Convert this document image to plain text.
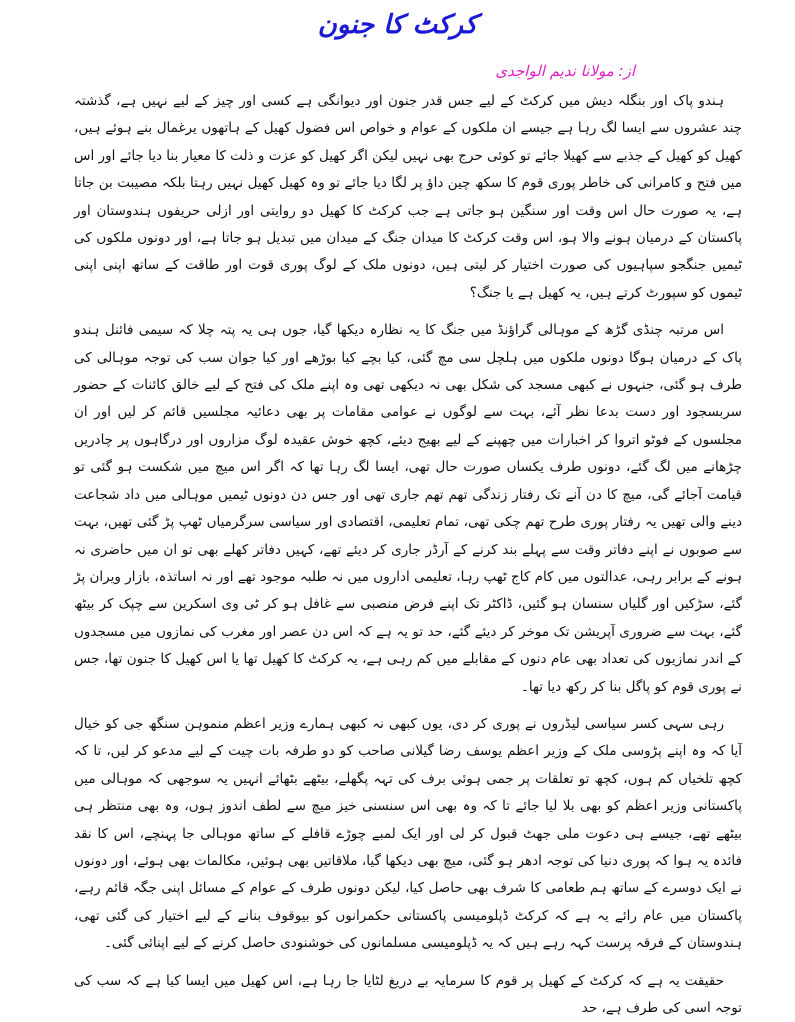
کرکٹ کا جنون
از: مولانا ندیم الواجدی

ہندو پاک اور بنگلہ دیش میں کرکٹ کے لیے جس قدر جنون اور دیوانگی ہے کسی اور چیز کے لیے نہیں ہے، گذشتہ چند عشروں سے ایسا لگ رہا ہے جیسے ان ملکوں کے عوام و خواص اس فضول کھیل کے ہاتھوں یرغمال بنے ہوئے ہیں، کھیل کو کھیل کے جذبے سے کھیلا جائے تو کوئی حرج بھی نہیں لیکن اگر کھیل کو عزت و ذلت کا معیار بنا دیا جائے اور اس میں فتح و کامرانی کی خاطر پوری قوم کا سکھ چین داؤ پر لگا دیا جائے تو وہ کھیل کھیل نہیں رہتا بلکہ مصیبت بن جاتا ہے، یہ صورت حال اس وقت اور سنگین ہو جاتی ہے جب کرکٹ کا کھیل دو روایتی اور ازلی حریفوں ہندوستان اور پاکستان کے درمیان ہونے والا ہو، اس وقت کرکٹ کا میدان جنگ کے میدان میں تبدیل ہو جاتا ہے، اور دونوں ملکوں کی ٹیمیں جنگجو سپاہیوں کی صورت اختیار کر لیتی ہیں، دونوں ملک کے لوگ پوری قوت اور طاقت کے ساتھ اپنی اپنی ٹیموں کو سپورٹ کرتے ہیں، یہ کھیل ہے یا جنگ؟

اس مرتبہ چنڈی گڑھ کے موہالی گراؤنڈ میں جنگ کا یہ نظارہ دیکھا گیا، جوں ہی یہ پتہ چلا کہ سیمی فائنل ہندو پاک کے درمیان ہوگا دونوں ملکوں میں ہلچل سی مچ گئی، کیا بچے کیا بوڑھے اور کیا جوان سب کی توجہ موہالی کی طرف ہو گئی، جنہوں نے کبھی مسجد کی شکل بھی نہ دیکھی تھی وہ اپنے ملک کی فتح کے لیے خالق کائنات کے حضور سربسجود اور دست بدعا نظر آئے، بہت سے لوگوں نے عوامی مقامات پر بھی دعائیہ مجلسیں قائم کر لیں اور ان مجلسوں کے فوٹو اتروا کر اخبارات میں چھپنے کے لیے بھیج دیئے، کچھ خوش عقیدہ لوگ مزاروں اور درگاہوں پر چادریں چڑھانے میں لگ گئے، دونوں طرف یکساں صورت حال تھی، ایسا لگ رہا تھا کہ اگر اس میچ میں شکست ہو گئی تو قیامت آجائے گی، میچ کا دن آنے تک رفتار زندگی تھم تھم جاری تھی اور جس دن دونوں ٹیمیں موہالی میں داد شجاعت دینے والی تھیں یہ رفتار پوری طرح تھم چکی تھی، تمام تعلیمی، اقتصادی اور سیاسی سرگرمیاں ٹھپ پڑ گئی تھیں، بہت سے صوبوں نے اپنے دفاتر وقت سے پہلے بند کرنے کے آرڈر جاری کر دیئے تھے، کہیں دفاتر کھلے بھی تو ان میں حاضری نہ ہونے کے برابر رہی، عدالتوں میں کام کاج ٹھپ رہا، تعلیمی اداروں میں نہ طلبہ موجود تھے اور نہ اساتذہ، بازار ویران پڑ گئے، سڑکیں اور گلیاں سنسان ہو گئیں، ڈاکٹر تک اپنے فرض منصبی سے غافل ہو کر ٹی وی اسکرین سے چپک کر بیٹھ گئے، بہت سے ضروری آپریشن تک موخر کر دیئے گئے، حد تو یہ ہے کہ اس دن عصر اور مغرب کی نمازوں میں مسجدوں کے اندر نمازیوں کی تعداد بھی عام دنوں کے مقابلے میں کم رہی ہے، یہ کرکٹ کا کھیل تھا یا اس کھیل کا جنون تھا، جس نے پوری قوم کو پاگل بنا کر رکھ دیا تھا۔

رہی سہی کسر سیاسی لیڈروں نے پوری کر دی، یوں کبھی نہ کبھی ہمارے وزیر اعظم منموہن سنگھ جی کو خیال آیا کہ وہ اپنے پڑوسی ملک کے وزیر اعظم یوسف رضا گیلانی صاحب کو دو طرفہ بات چیت کے لیے مدعو کر لیں، تا کہ کچھ تلخیاں کم ہوں، کچھ تو تعلقات پر جمی ہوئی برف کی تہہ پگھلے، بیٹھے بٹھائے انہیں یہ سوجھی کہ موہالی میں پاکستانی وزیر اعظم کو بھی بلا لیا جائے تا کہ وہ بھی اس سنسنی خیز میچ سے لطف اندوز ہوں، وہ بھی منتظر ہی بیٹھے تھے، جیسے ہی دعوت ملی جھٹ قبول کر لی اور ایک لمبے چوڑے قافلے کے ساتھ موہالی جا پہنچے، اس کا نقد فائدہ یہ ہوا کہ پوری دنیا کی توجہ ادھر ہو گئی، میچ بھی دیکھا گیا، ملاقاتیں بھی ہوئیں، مکالمات بھی ہوئے، اور دونوں نے ایک دوسرے کے ساتھ ہم طعامی کا شرف بھی حاصل کیا، لیکن دونوں طرف کے عوام کے مسائل اپنی جگہ قائم رہے، پاکستان میں عام رائے یہ ہے کہ کرکٹ ڈپلومیسی پاکستانی حکمرانوں کو بیوقوف بنانے کے لیے اختیار کی گئی تھی، ہندوستان کے فرقہ پرست کہہ رہے ہیں کہ یہ ڈپلومیسی مسلمانوں کی خوشنودی حاصل کرنے کے لیے اپنائی گئی۔

حقیقت یہ ہے کہ کرکٹ کے کھیل پر قوم کا سرمایہ بے دریغ لٹایا جا رہا ہے، اس کھیل میں ایسا کیا ہے کہ سب کی توجہ اسی کی طرف ہے، حد
